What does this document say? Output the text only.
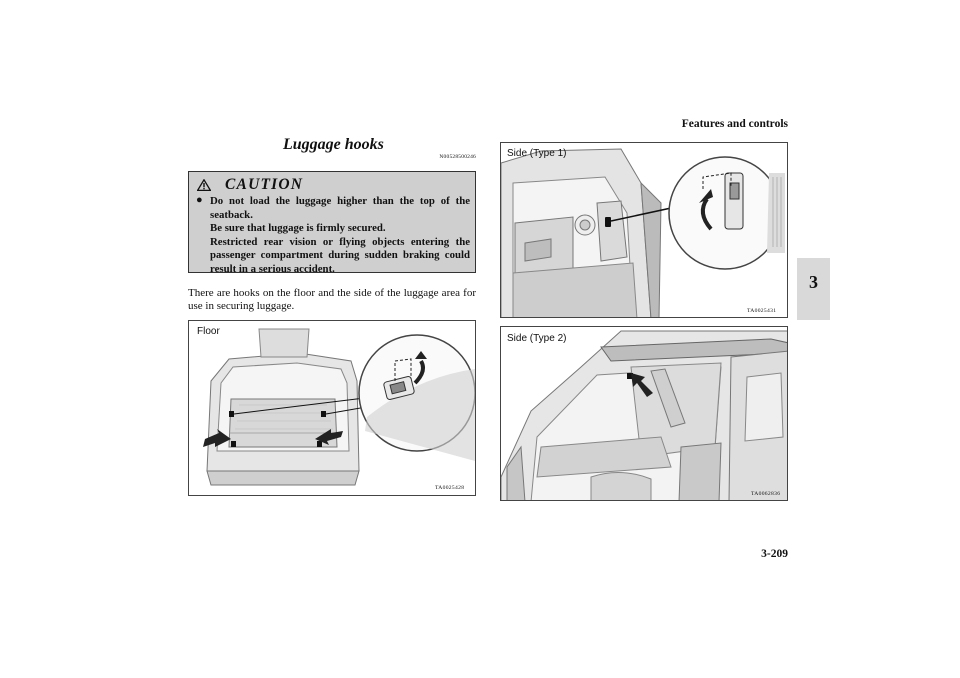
Features and controls
3
Luggage hooks
N00528500246
CAUTION
● Do not load the luggage higher than the top of the seatback.
Be sure that luggage is firmly secured.
Restricted rear vision or flying objects entering the passenger compartment during sudden braking could result in a serious accident.
There are hooks on the floor and the side of the luggage area for use in securing luggage.
Floor
TA0025428
Side (Type 1)
TA0025431
Side (Type 2)
TA0062836
3-209
